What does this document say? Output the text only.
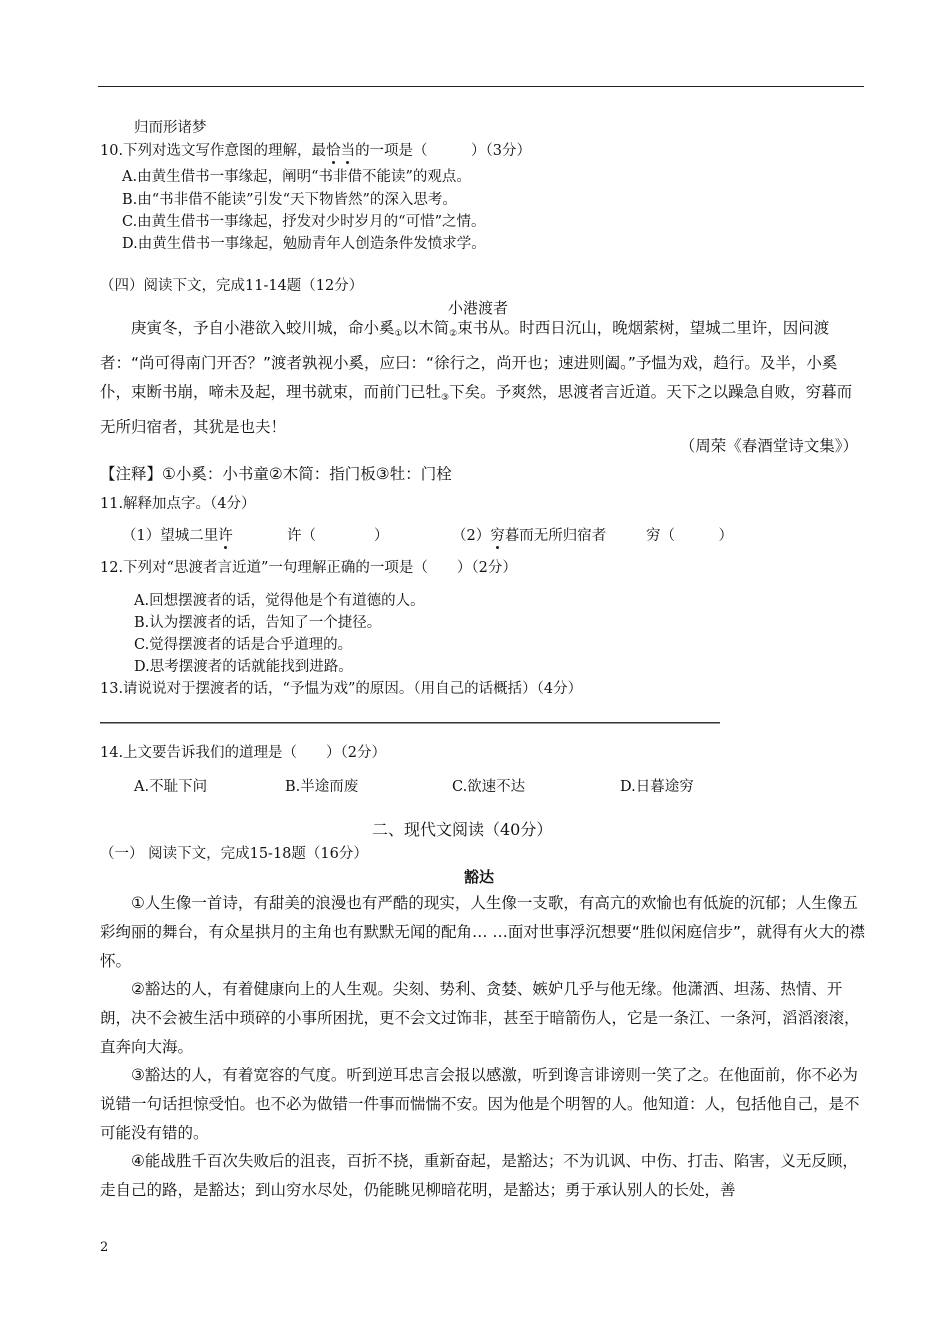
归而形诸梦
10.下列对选文写作意图的理解，最恰当的一项是（　　　）（3分）
A.由黄生借书一事缘起，阐明“书非借不能读”的观点。
B.由“书非借不能读”引发“天下物皆然”的深入思考。
C.由黄生借书一事缘起，抒发对少时岁月的“可惜”之情。
D.由黄生借书一事缘起，勉励青年人创造条件发愤求学。
（四）阅读下文，完成11-14题（12分）
小港渡者
庚寅冬，予自小港欲入蛟川城，命小奚$_①$以木简$_②$束书从。时西日沉山，晚烟萦树，望城二里许，因问渡者：“尚可得南门开否？”渡者孰视小奚，应曰：“徐行之，尚开也；速进则阖。”予愠为戏，趋行。及半，小奚仆，束断书崩，啼未及起，理书就束，而前门已牡$_③$下矣。予爽然，思渡者言近道。天下之以躁急自败，穷暮而无所归宿者，其犹是也夫！
（周荣《春酒堂诗文集》）
【注释】①小奚：小书童②木简：指门板③牡：门栓
11.解释加点字。（4分）
（1）望城二里许	许（　　　　）	（2）穷暮而无所归宿者	穷（　　　）
12.下列对“思渡者言近道”一句理解正确的一项是（　　）（2分）
A.回想摆渡者的话，觉得他是个有道德的人。
B.认为摆渡者的话，告知了一个捷径。
C.觉得摆渡者的话是合乎道理的。
D.思考摆渡者的话就能找到进路。
13.请说说对于摆渡者的话，“予愠为戏”的原因。（用自己的话概括）（4分）
14.上文要告诉我们的道理是（　　）（2分）
A.不耻下问	B.半途而废	C.欲速不达	D.日暮途穷
二、现代文阅读（40分）
（一） 阅读下文，完成15-18题（16分）
豁达
①人生像一首诗，有甜美的浪漫也有严酷的现实，人生像一支歌，有高亢的欢愉也有低旋的沉郁；人生像五彩绚丽的舞台，有众星拱月的主角也有默默无闻的配角… …面对世事浮沉想要“胜似闲庭信步”，就得有火大的襟怀。
②豁达的人，有着健康向上的人生观。尖刻、势利、贪婪、嫉妒几乎与他无缘。他潇洒、坦荡、热情、开朗，决不会被生活中琐碎的小事所困扰，更不会文过饰非，甚至于暗箭伤人，它是一条江、一条河，滔滔滚滚，直奔向大海。
③豁达的人，有着宽容的气度。听到逆耳忠言会报以感激，听到谗言诽谤则一笑了之。在他面前，你不必为说错一句话担惊受怕。也不必为做错一件事而惴惴不安。因为他是个明智的人。他知道：人，包括他自己，是不可能没有错的。
④能战胜千百次失败后的沮丧，百折不挠，重新奋起，是豁达；不为讥讽、中伤、打击、陷害，义无反顾，走自己的路，是豁达；到山穷水尽处，仍能眺见柳暗花明，是豁达；勇于承认别人的长处，善
2
